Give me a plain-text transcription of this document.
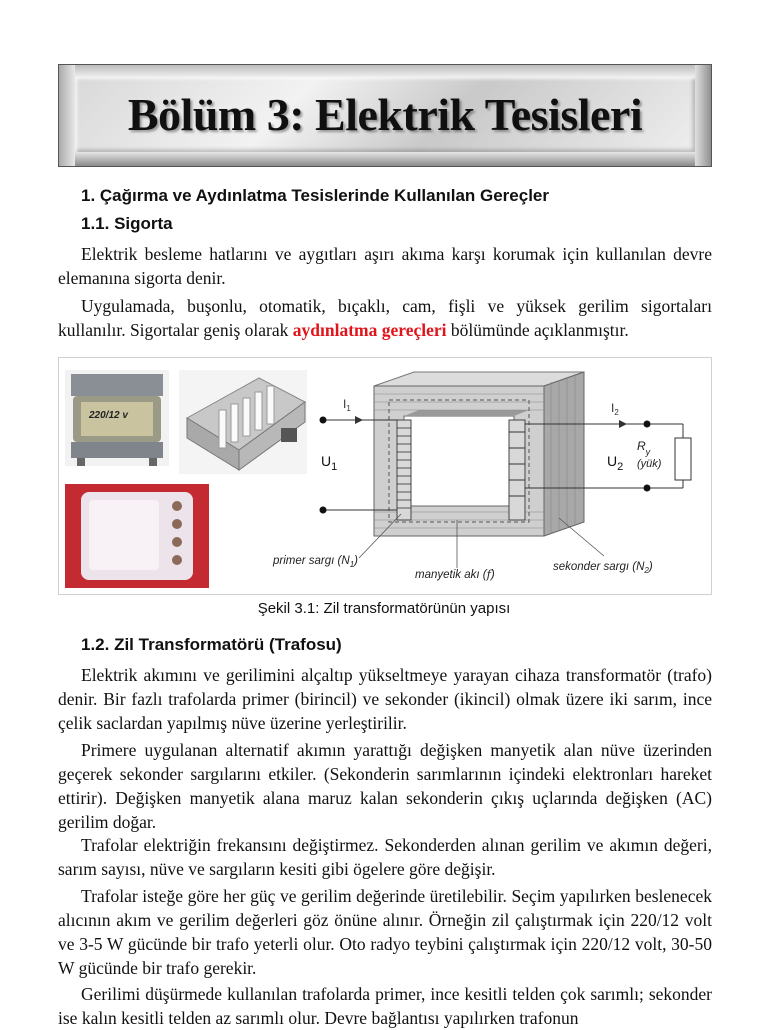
Bölüm 3: Elektrik Tesisleri
1. Çağırma ve Aydınlatma Tesislerinde Kullanılan Gereçler
1.1. Sigorta

Elektrik besleme hatlarını ve aygıtları aşırı akıma karşı korumak için kullanılan devre elemanına sigorta denir.

Uygulamada, buşonlu, otomatik, bıçaklı, cam, fişli ve yüksek gerilim sigortaları kullanılır. Sigortalar geniş olarak aydınlatma gereçleri bölümünde açıklanmıştır.

220/12 v
$I_1$	$I_2$
$U_1$	$U_2$
$R_y$
(yük)
primer sargı $(N_1)$
manyetik akı (f)
sekonder sargı $(N_2)$
Şekil 3.1: Zil transformatörünün yapısı
1.2. Zil Transformatörü (Trafosu)

Elektrik akımını ve gerilimini alçaltıp yükseltmeye yarayan cihaza transformatör (trafo) denir. Bir fazlı trafolarda primer (birincil) ve sekonder (ikincil) olmak üzere iki sarım, ince çelik saclardan yapılmış nüve üzerine yerleştirilir.

Primere uygulanan alternatif akımın yarattığı değişken manyetik alan nüve üzerinden geçerek sekonder sargılarını etkiler. (Sekonderin sarımlarının içindeki elektronları hareket ettirir). Değişken manyetik alana maruz kalan sekonderin çıkış uçlarında değişken (AC) gerilim doğar.

Trafolar elektriğin frekansını değiştirmez. Sekonderden alınan gerilim ve akımın değeri, sarım sayısı, nüve ve sargıların kesiti gibi ögelere göre değişir.

Trafolar isteğe göre her güç ve gerilim değerinde üretilebilir. Seçim yapılırken beslenecek alıcının akım ve gerilim değerleri göz önüne alınır. Örneğin zil çalıştırmak için 220/12 volt ve 3-5 W gücünde bir trafo yeterli olur. Oto radyo teybini çalıştırmak için 220/12 volt, 30-50 W gücünde bir trafo gerekir.

Gerilimi düşürmede kullanılan trafolarda primer, ince kesitli telden çok sarımlı; sekonder ise kalın kesitli telden az sarımlı olur. Devre bağlantısı yapılırken trafonun
